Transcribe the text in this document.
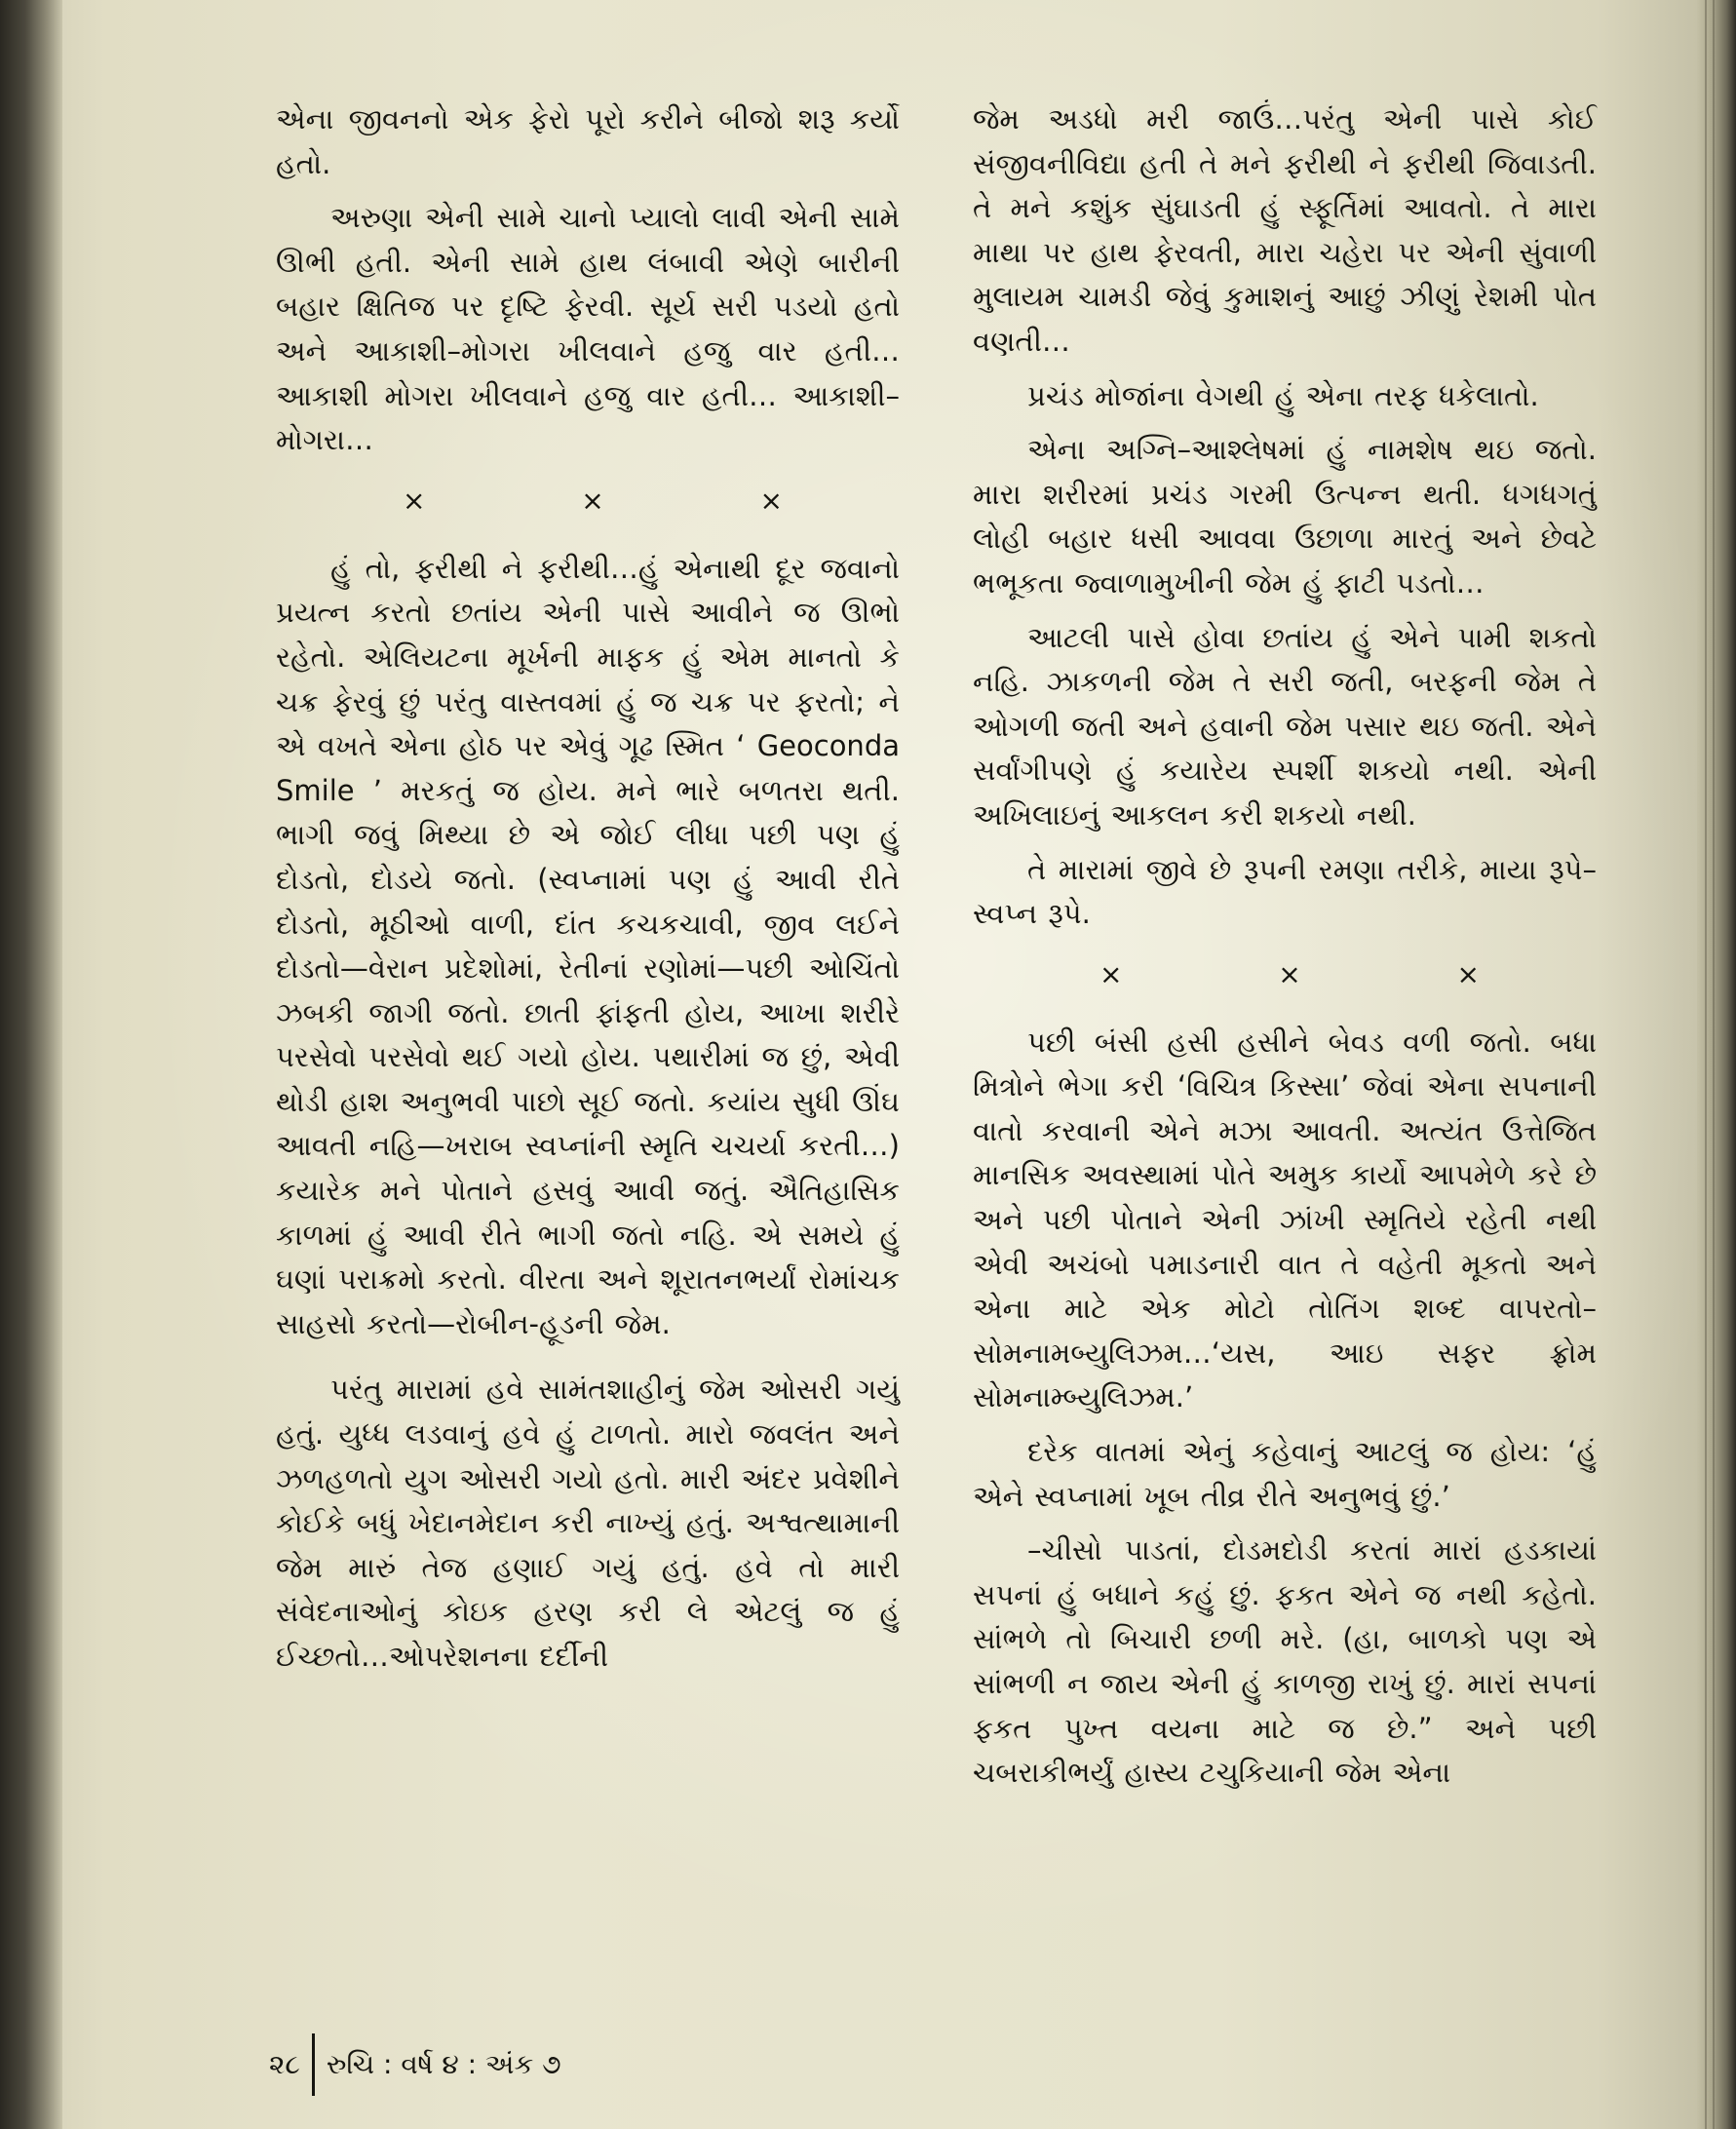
એના જીવનનો એક ફેરો પૂરો કરીને બીજો શરૂ કર્યો હતો.

અરુણા એની સામે ચાનો પ્યાલો લાવી એની સામે ઊભી હતી. એની સામે હાથ લંબાવી એણે બારીની બહાર ક્ષિતિજ પર દૃષ્ટિ ફેરવી. સૂર્ય સરી પડયો હતો અને આકાશી–મોગરા ખીલવાને હજુ વાર હતી…આકાશી મોગરા ખીલવાને હજુ વાર હતી… આકાશી–મોગરા…

×	×	×

હું તો, ફરીથી ને ફરીથી…હું એનાથી દૂર જવાનો પ્રયત્ન કરતો છતાંય એની પાસે આવીને જ ઊભો રહેતો. એલિયટના મૂર્ખની માફક હું એમ માનતો કે ચક્ર ફેરવું છું પરંતુ વાસ્તવમાં હું જ ચક્ર પર ફરતો; ને એ વખતે એના હોઠ પર એવું ગૂઢ સ્મિત ‘ Geoconda Smile ’ મરકતું જ હોય. મને ભારે બળતરા થતી. ભાગી જવું મિથ્યા છે એ જોઈ લીધા પછી પણ હું દોડતો, દોડયે જતો. (સ્વપ્નામાં પણ હું આવી રીતે દોડતો, મૂઠીઓ વાળી, દાંત કચકચાવી, જીવ લઈને દોડતો—વેરાન પ્રદેશોમાં, રેતીનાં રણોમાં—પછી ઓચિંતો ઝબકી જાગી જતો. છાતી ફાંફતી હોય, આખા શરીરે પરસેવો પરસેવો થઈ ગયો હોય. પથારીમાં જ છું, એવી થોડી હાશ અનુભવી પાછો સૂઈ જતો. કયાંય સુધી ઊંઘ આવતી નહિ—ખરાબ સ્વપ્નાંની સ્મૃતિ ચચર્યા કરતી…) કયારેક મને પોતાને હસવું આવી જતું. ઐતિહાસિક કાળમાં હું આવી રીતે ભાગી જતો નહિ. એ સમયે હું ઘણાં પરાક્રમો કરતો. વીરતા અને શૂરાતનભર્યાં રોમાંચક સાહસો કરતો—રોબીન-હૂડની જેમ.

પરંતુ મારામાં હવે સામંતશાહીનું જેમ ઓસરી ગયું હતું. યુધ્ધ લડવાનું હવે હું ટાળતો. મારો જવલંત અને ઝળહળતો યુગ ઓસરી ગયો હતો. મારી અંદર પ્રવેશીને કોઈકે બધું ખેદાનમેદાન કરી નાખ્યું હતું. અશ્વત્થામાની જેમ મારું તેજ હણાઈ ગયું હતું. હવે તો મારી સંવેદનાઓનું કોઇક હરણ કરી લે એટલું જ હું ઈચ્છતો…ઓપરેશનના દર્દીની

જેમ અડધો મરી જાઉં…પરંતુ એની પાસે કોઈ સંજીવનીવિદ્યા હતી તે મને ફરીથી ને ફરીથી જિવાડતી. તે મને કશુંક સુંઘાડતી હું સ્ફૂર્તિમાં આવતો. તે મારા માથા પર હાથ ફેરવતી, મારા ચહેરા પર એની સુંવાળી મુલાયમ ચામડી જેવું કુમાશનું આછું ઝીણું રેશમી પોત વણતી…

પ્રચંડ મોજાંના વેગથી હું એના તરફ ધકેલાતો.

એના અગ્નિ–આશ્લેષમાં હું નામશેષ થઇ જતો. મારા શરીરમાં પ્રચંડ ગરમી ઉત્પન્ન થતી. ધગધગતું લોહી બહાર ધસી આવવા ઉછાળા મારતું અને છેવટે ભભૂકતા જ્વાળામુખીની જેમ હું ફાટી પડતો…

આટલી પાસે હોવા છતાંય હું એને પામી શકતો નહિ. ઝાકળની જેમ તે સરી જતી, બરફની જેમ તે ઓગળી જતી અને હવાની જેમ પસાર થઇ જતી. એને સર્વાંગીપણે હું કયારેય સ્પર્શી શકયો નથી. એની અખિલાઇનું આકલન કરી શકયો નથી.

તે મારામાં જીવે છે રૂપની રમણા તરીકે, માયા રૂપે–સ્વપ્ન રૂપે.

×	×	×

પછી બંસી હસી હસીને બેવડ વળી જતો. બધા મિત્રોને ભેગા કરી ‘વિચિત્ર કિસ્સા’ જેવાં એના સપનાની વાતો કરવાની એને મઝા આવતી. અત્યંત ઉત્તેજિત માનસિક અવસ્થામાં પોતે અમુક કાર્યો આપમેળે કરે છે અને પછી પોતાને એની ઝાંખી સ્મૃતિયે રહેતી નથી એવી અચંબો પમાડનારી વાત તે વહેતી મૂકતો અને એના માટે એક મોટો તોતિંગ શબ્દ વાપરતો–સોમનામબ્યુલિઝમ…‘યસ, આઇ સફર ફ્રોમ સોમનામ્બ્યુલિઝમ.’

દરેક વાતમાં એનું કહેવાનું આટલું જ હોય: ‘હું એને સ્વપ્નામાં ખૂબ તીવ્ર રીતે અનુભવું છું.’

–ચીસો પાડતાં, દોડમદોડી કરતાં મારાં હડકાયાં સપનાં હું બધાને કહું છું. ફકત એને જ નથી કહેતો. સાંભળે તો બિચારી છળી મરે. (હા, બાળકો પણ એ સાંભળી ન જાય એની હું કાળજી રાખું છું. મારાં સપનાં ફકત પુખ્ત વયના માટે જ છે.” અને પછી ચબરાકીભર્યું હાસ્ય ટચુકિયાની જેમ એના

૨૮ રુચિ : વર્ષ ૪ : અંક ૭
